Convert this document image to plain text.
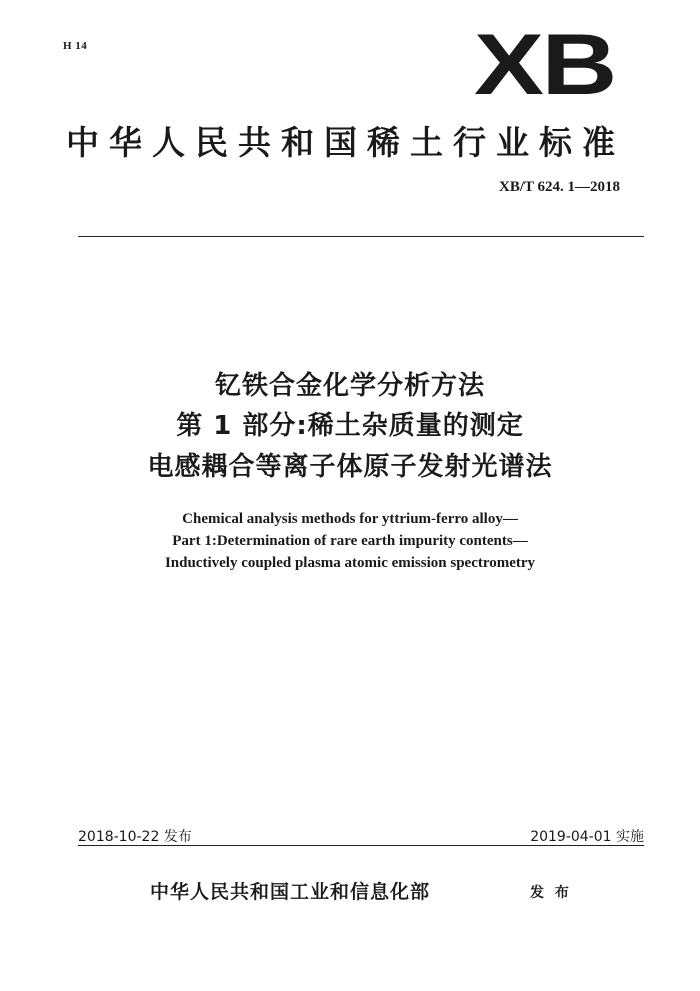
H 14	XB
中华人民共和国稀土行业标准
XB/T 624. 1—2018
钇铁合金化学分析方法
第 1 部分:稀土杂质量的测定
电感耦合等离子体原子发射光谱法
Chemical analysis methods for yttrium-ferro alloy—
Part 1:Determination of rare earth impurity contents—
Inductively coupled plasma atomic emission spectrometry
2018-10-22 发布	2019-04-01 实施
中华人民共和国工业和信息化部	发 布
